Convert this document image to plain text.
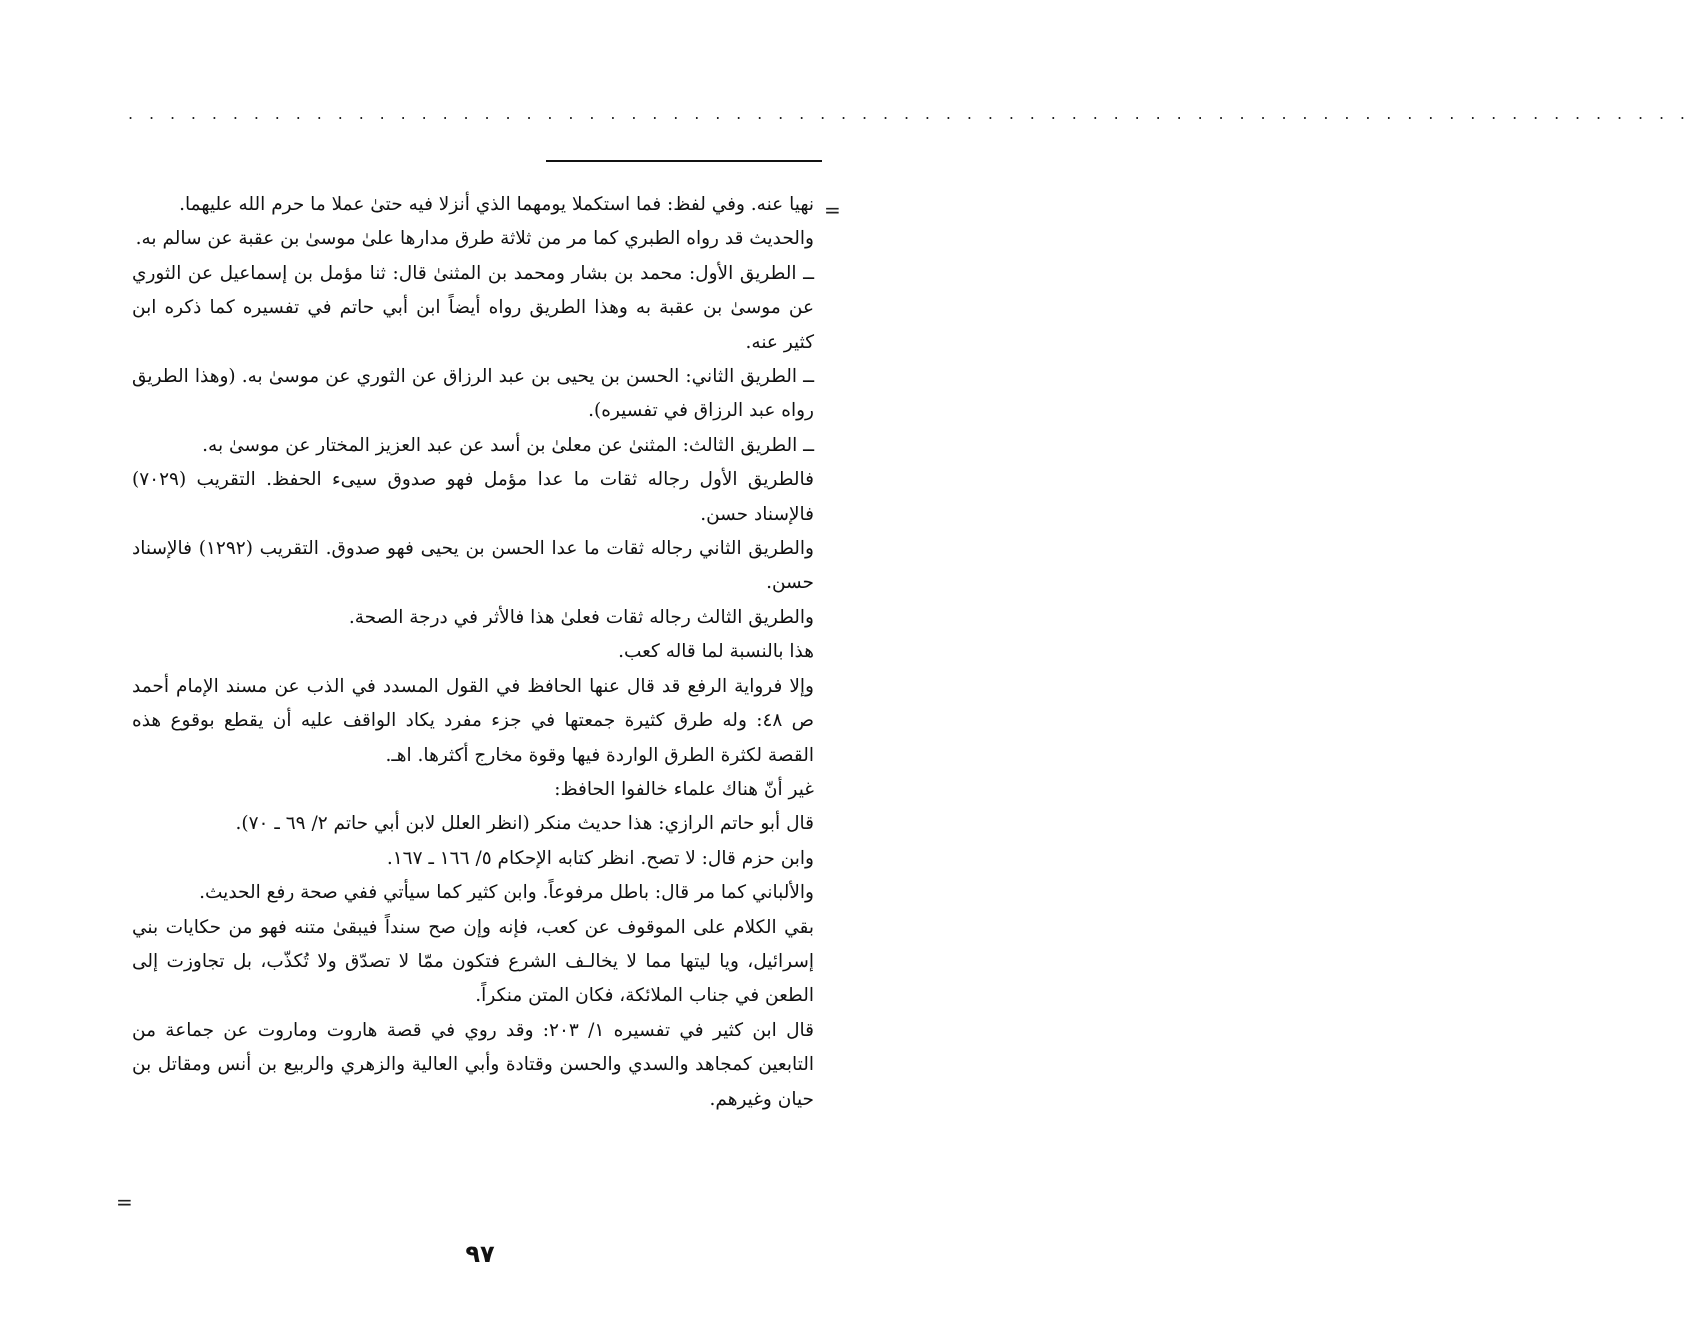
. . . . . . . . . . . . . . . . . . . . . . . . . . . . . . . . . . . . . . . . . . . . . . . . . . . . . . . . . . . . . . . . . . . . . . . . . . .
=

نهيا عنه. وفي لفظ: فما استكملا يومهما الذي أنزلا فيه حتىٰ عملا ما حرم الله عليهما.

والحديث قد رواه الطبري كما مر من ثلاثة طرق مدارها علىٰ موسىٰ بن عقبة عن سالم به.

ــ الطريق الأول: محمد بن بشار ومحمد بن المثنىٰ قال: ثنا مؤمل بن إسماعيل عن الثوري عن موسىٰ بن عقبة به وهذا الطريق رواه أيضاً ابن أبي حاتم في تفسيره كما ذكره ابن كثير عنه.

ــ الطريق الثاني: الحسن بن يحيى بن عبد الرزاق عن الثوري عن موسىٰ به. (وهذا الطريق رواه عبد الرزاق في تفسيره).

ــ الطريق الثالث: المثنىٰ عن معلىٰ بن أسد عن عبد العزيز المختار عن موسىٰ به.

فالطريق الأول رجاله ثقات ما عدا مؤمل فهو صدوق سيىء الحفظ. التقريب (٧٠٢٩) فالإسناد حسن.

والطريق الثاني رجاله ثقات ما عدا الحسن بن يحيى فهو صدوق. التقريب (١٢٩٢) فالإسناد حسن.

والطريق الثالث رجاله ثقات فعلىٰ هذا فالأثر في درجة الصحة.

هذا بالنسبة لما قاله كعب.

وإلا فرواية الرفع قد قال عنها الحافظ في القول المسدد في الذب عن مسند الإمام أحمد ص ٤٨: وله طرق كثيرة جمعتها في جزء مفرد يكاد الواقف عليه أن يقطع بوقوع هذه القصة لكثرة الطرق الواردة فيها وقوة مخارج أكثرها. اهـ.

غير أنّ هناك علماء خالفوا الحافظ:

قال أبو حاتم الرازي: هذا حديث منكر (انظر العلل لابن أبي حاتم ٢/ ٦٩ ـ ٧٠).

وابن حزم قال: لا تصح. انظر كتابه الإحكام ٥/ ١٦٦ ـ ١٦٧.

والألباني كما مر قال: باطل مرفوعاً. وابن كثير كما سيأتي ففي صحة رفع الحديث.

بقي الكلام على الموقوف عن كعب، فإنه وإن صح سنداً فيبقىٰ متنه فهو من حكايات بني إسرائيل، ويا ليتها مما لا يخالـف الشرع فتكون ممّا لا تصدّق ولا تُكذّب، بل تجاوزت إلى الطعن في جناب الملائكة، فكان المتن منكراً.

قال ابن كثير في تفسيره ١/ ٢٠٣: وقد روي في قصة هاروت وماروت عن جماعة من التابعين كمجاهد والسدي والحسن وقتادة وأبي العالية والزهري والربيع بن أنس ومقاتل بن حيان وغيرهم.

=
٩٧
